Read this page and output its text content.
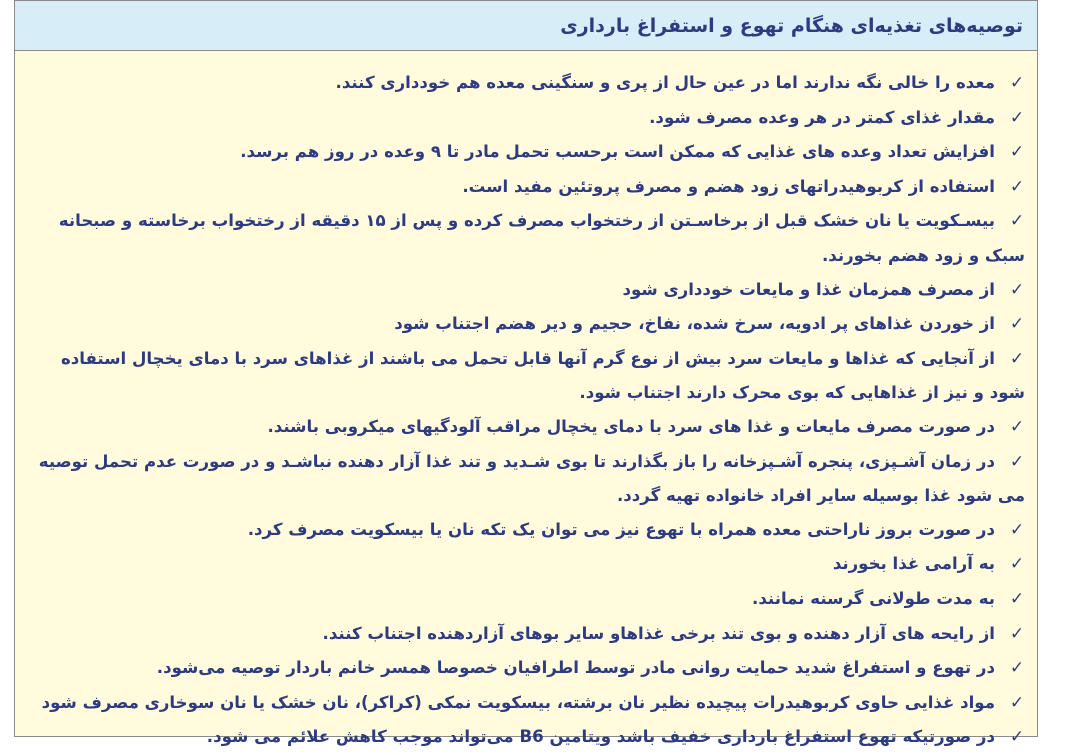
توصیه‌های تغذیه‌ای هنگام تهوع و استفراغ بارداری
✓معده را خالی نگه ندارند اما در عین حال از پری و سنگینی معده هم خودداری کنند.
✓مقدار غذای کمتر در هر وعده مصرف شود.
✓افزایش تعداد وعده های غذایی که ممکن است برحسب تحمل مادر تا ۹ وعده در روز هم برسد.
✓استفاده از کربوهیدراتهای زود هضم و مصرف پروتئین مفید است.
✓بیسـکویت یا نان خشک قبل از برخاسـتن از رختخواب مصرف کرده و پس از ۱۵ دقیقه از رختخواب برخاسته و صبحانه سبک و زود هضم بخورند.
✓از مصرف همزمان غذا و مایعات خودداری شود
✓از خوردن غذاهای پر ادویه، سرخ شده، نفاخ، حجیم و دیر هضم اجتناب شود
✓از آنجایی که غذاها و مایعات سرد بیش از نوع گرم آنها قابل تحمل می باشند از غذاهای سرد با دمای یخچال استفاده شود و نیز از غذاهایی که بوی محرک دارند اجتناب شود.
✓در صورت مصرف مایعات و غذا های سرد با دمای یخچال مراقب آلودگیهای میکروبی باشند.
✓در زمان آشـپزی، پنجره آشـپزخانه را باز بگذارند تا بوی شـدید و تند غذا آزار دهنده نباشـد و در صورت عدم تحمل توصیه می شود غذا بوسیله سایر افراد خانواده تهیه گردد.
✓در صورت بروز ناراحتی معده همراه با تهوع نیز می توان یک تکه نان یا بیسکویت مصرف کرد.
✓به آرامی غذا بخورند
✓به مدت طولانی گرسنه نمانند.
✓از رایحه های آزار دهنده و بوی تند برخی غذاهاو سایر بوهای آزاردهنده اجتناب کنند.
✓در تهوع و استفراغ شدید حمایت روانی مادر توسط اطرافیان خصوصا همسر خانم باردار توصیه می‌شود.
✓مواد غذایی حاوی کربوهیدرات پیچیده نظیر نان برشته، بیسکویت نمکی (کراکر)، نان خشک یا نان سوخاری مصرف شود
✓در صورتیکه تهوع استفراغ بارداری خفیف باشد ویتامین B6 می‌تواند موجب کاهش علائم می شود.
